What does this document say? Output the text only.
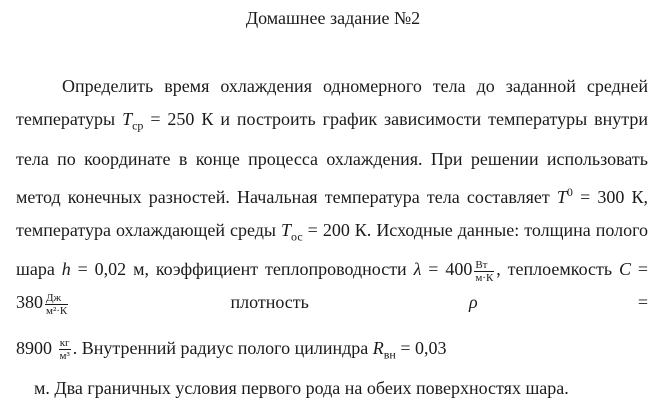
Домашнее задание №2
Определить время охлаждения одномерного тела до заданной средней температуры $T_{ср} = 250$ К и построить график зависимости температуры внутри тела по координате в конце процесса охлаждения. При решении использовать метод конечных разностей. Начальная температура тела составляет $T^0 = 300$ К, температура охлаждающей среды $T_{ос} = 200$ К. Исходные данные: толщина полого шара h = 0,02 м, коэффициент теплопроводности $\lambda = 400 \frac{Вт}{м\cdot К}$ , теплоемкость $C = 380 \frac{Дж}{\text{м²·К}}$	плотность	ρ	=
$8900 \frac{кг}{\text{м³}}$ . Внутренний радиус полого цилиндра $R_{вн} = 0,03$
м. Два граничных условия первого рода на обеих поверхностях шара.
